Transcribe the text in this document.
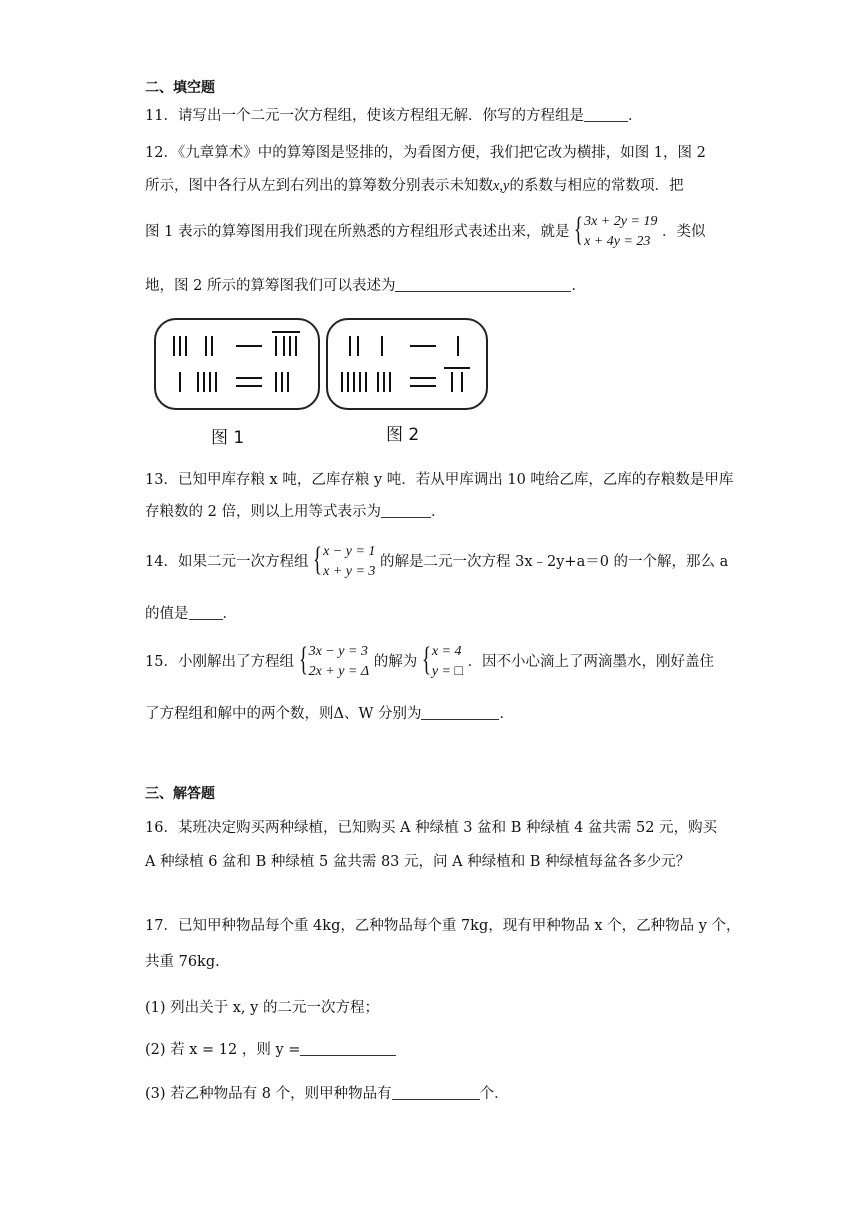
二、填空题
11．请写出一个二元一次方程组，使该方程组无解．你写的方程组是	．
12．《九章算术》中的算筹图是竖排的，为看图方便，我们把它改为横排，如图 1，图 2
所示，图中各行从左到右列出的算筹数分别表示未知数x,y的系数与相应的常数项．把
图 1 表示的算筹图用我们现在所熟悉的方程组形式表述出来，就是 { 3x + 2y = 19
x + 4y = 23
．类似
地，图 2 所示的算筹图我们可以表述为	．
图 1	图 2
13．已知甲库存粮 x 吨，乙库存粮 y 吨．若从甲库调出 10 吨给乙库，乙库的存粮数是甲库
存粮数的 2 倍，则以上用等式表示为	．
14．如果二元一次方程组 { x − y = 1
x + y = 3
的解是二元一次方程 3x﹣2y+a＝0 的一个解，那么 a
的值是 ．
15．小刚解出了方程组 { 3x − y = 3
2x + y = Δ
的解为 { x = 4
y = □
．因不小心滴上了两滴墨水，刚好盖住
了方程组和解中的两个数，则Δ、W 分别为	．
三、解答题
16．某班决定购买两种绿植，已知购买 A 种绿植 3 盆和 B 种绿植 4 盆共需 52 元，购买
A 种绿植 6 盆和 B 种绿植 5 盆共需 83 元，问 A 种绿植和 B 种绿植每盆各多少元？
17．已知甲种物品每个重 4kg，乙种物品每个重 7kg，现有甲种物品 x 个，乙种物品 y 个，
共重 76kg.
(1) 列出关于 x, y 的二元一次方程；
(2) 若 x = 12 ，则 y =
(3) 若乙种物品有 8 个，则甲种物品有	个．
